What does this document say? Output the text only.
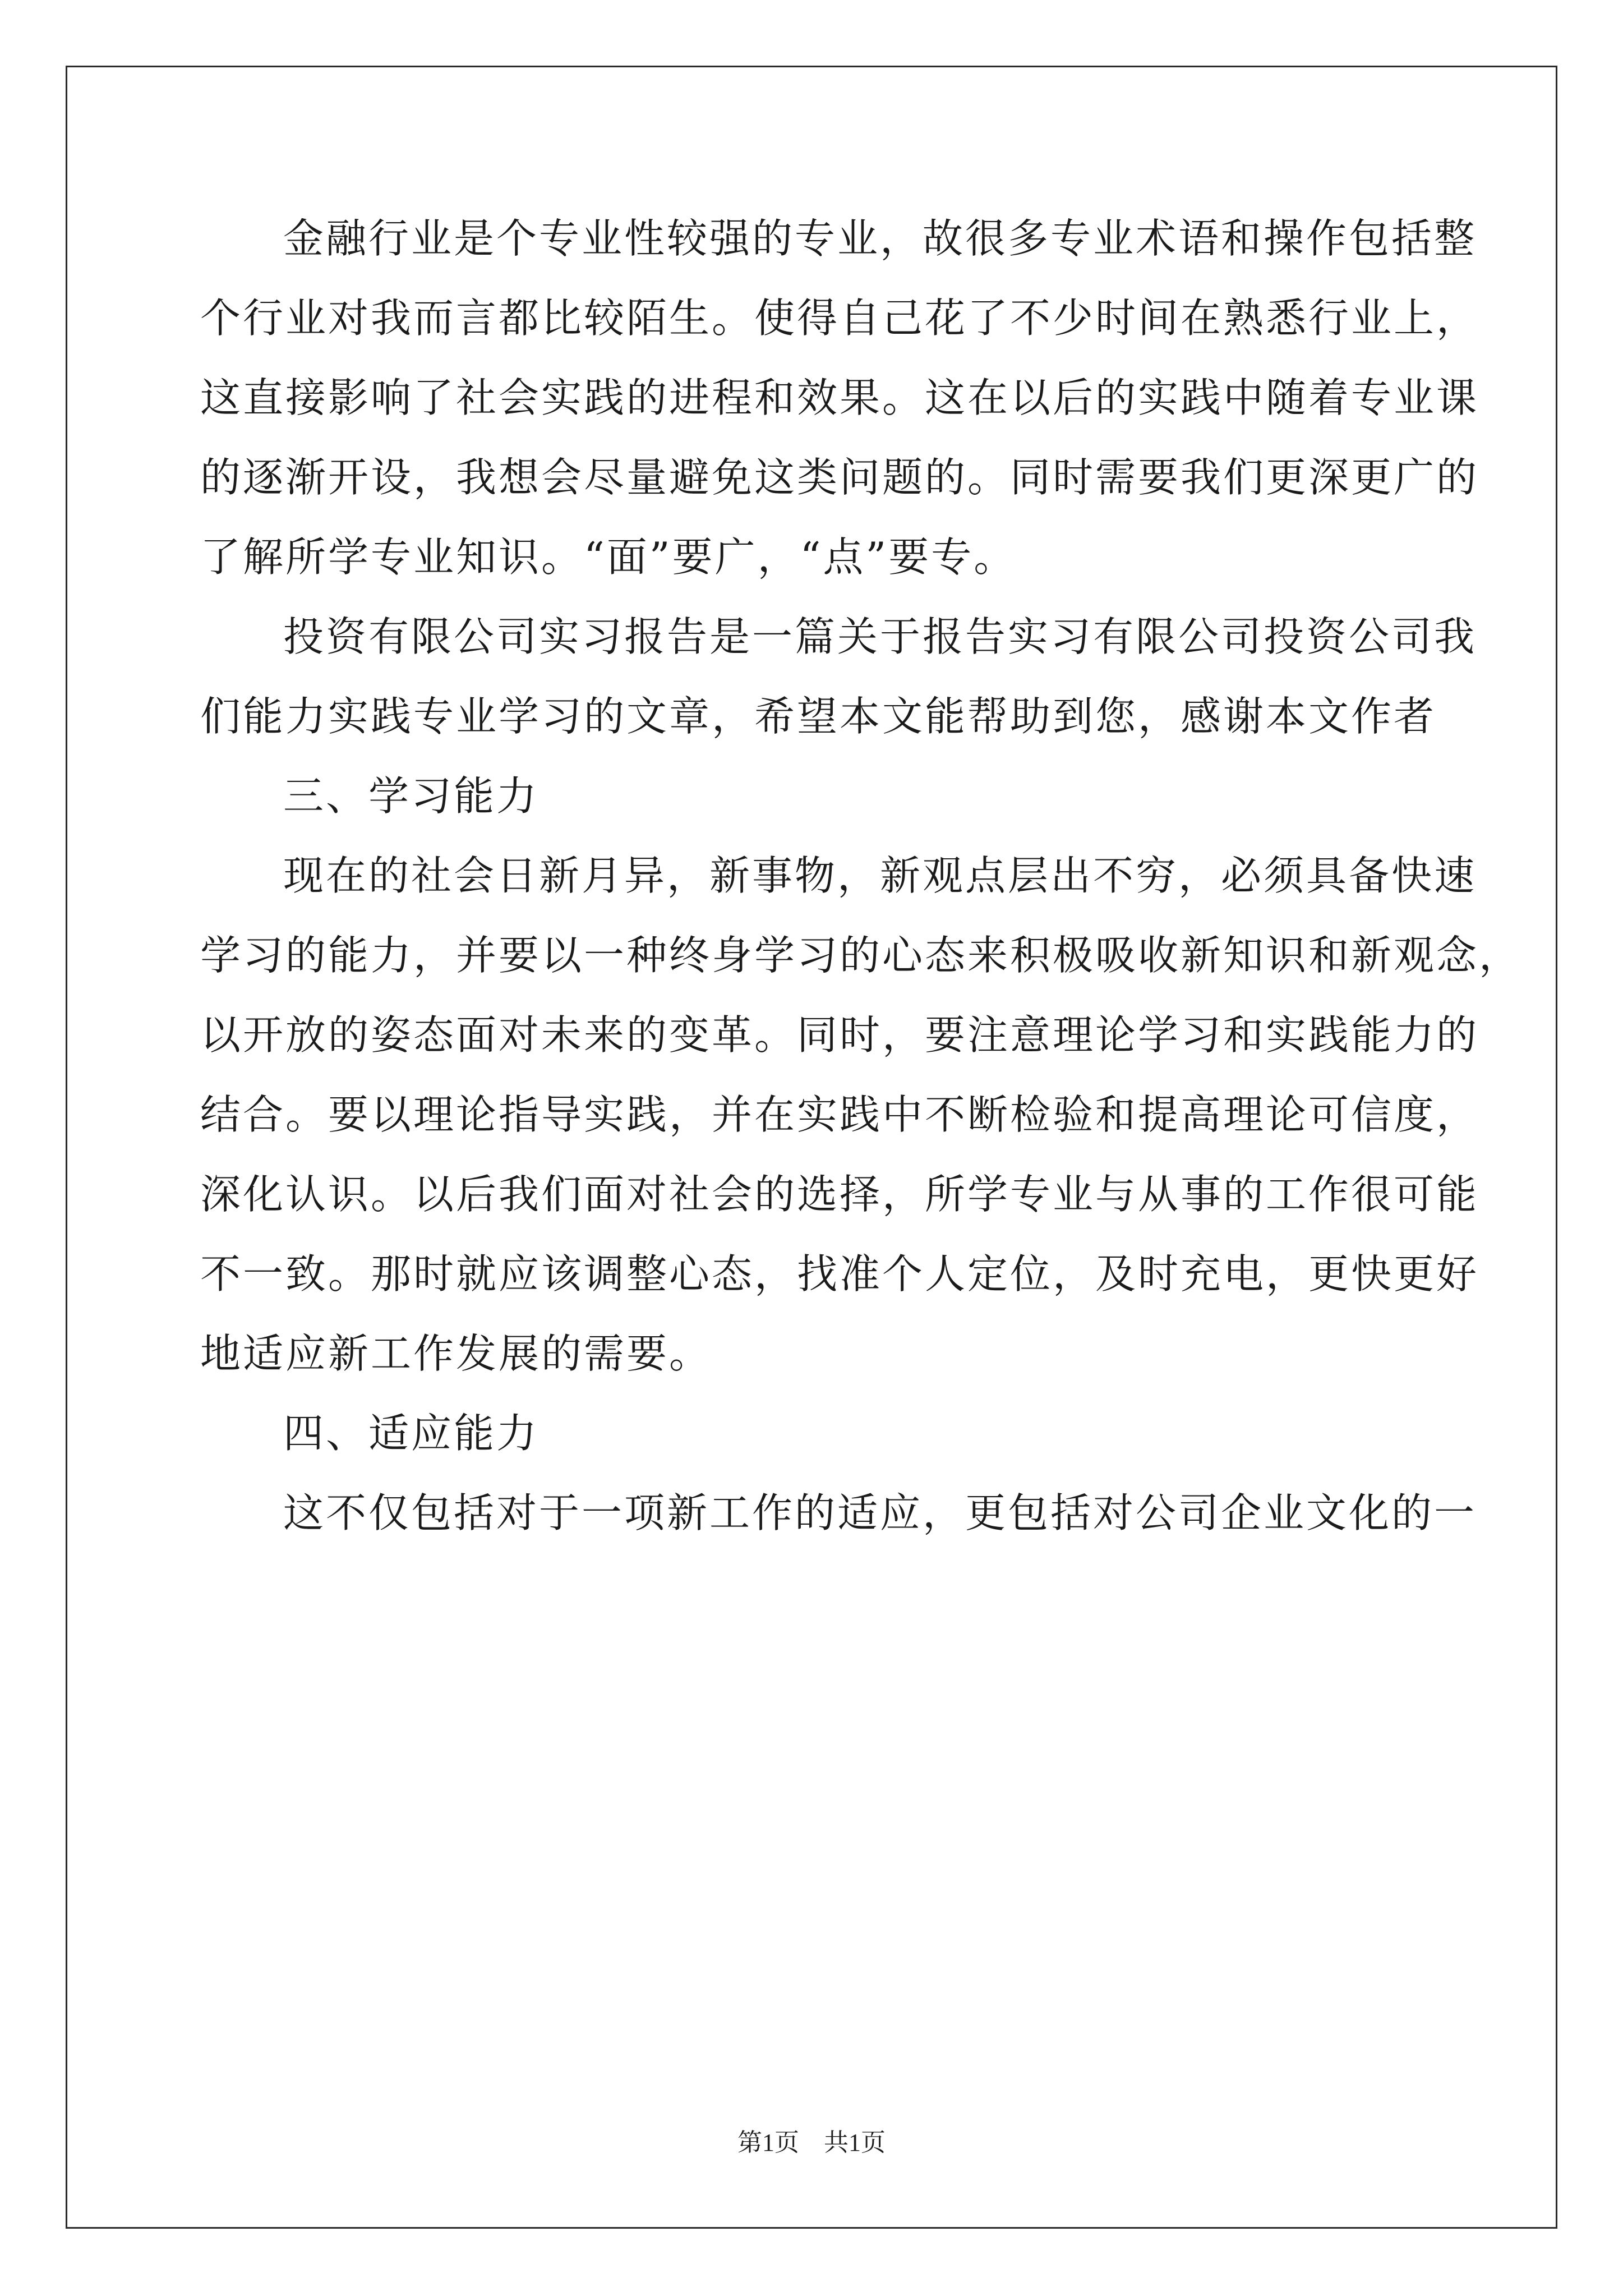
金融行业是个专业性较强的专业，故很多专业术语和操作包括整
个行业对我而言都比较陌生。使得自己花了不少时间在熟悉行业上，
这直接影响了社会实践的进程和效果。这在以后的实践中随着专业课
的逐渐开设，我想会尽量避免这类问题的。同时需要我们更深更广的
了解所学专业知识。“面”要广，“点”要专。
投资有限公司实习报告是一篇关于报告实习有限公司投资公司我
们能力实践专业学习的文章，希望本文能帮助到您，感谢本文作者
三、学习能力
现在的社会日新月异，新事物，新观点层出不穷，必须具备快速
学习的能力，并要以一种终身学习的心态来积极吸收新知识和新观念，
以开放的姿态面对未来的变革。同时，要注意理论学习和实践能力的
结合。要以理论指导实践，并在实践中不断检验和提高理论可信度，
深化认识。以后我们面对社会的选择，所学专业与从事的工作很可能
不一致。那时就应该调整心态，找准个人定位，及时充电，更快更好
地适应新工作发展的需要。
四、适应能力
这不仅包括对于一项新工作的适应，更包括对公司企业文化的一
第1页　共1页
